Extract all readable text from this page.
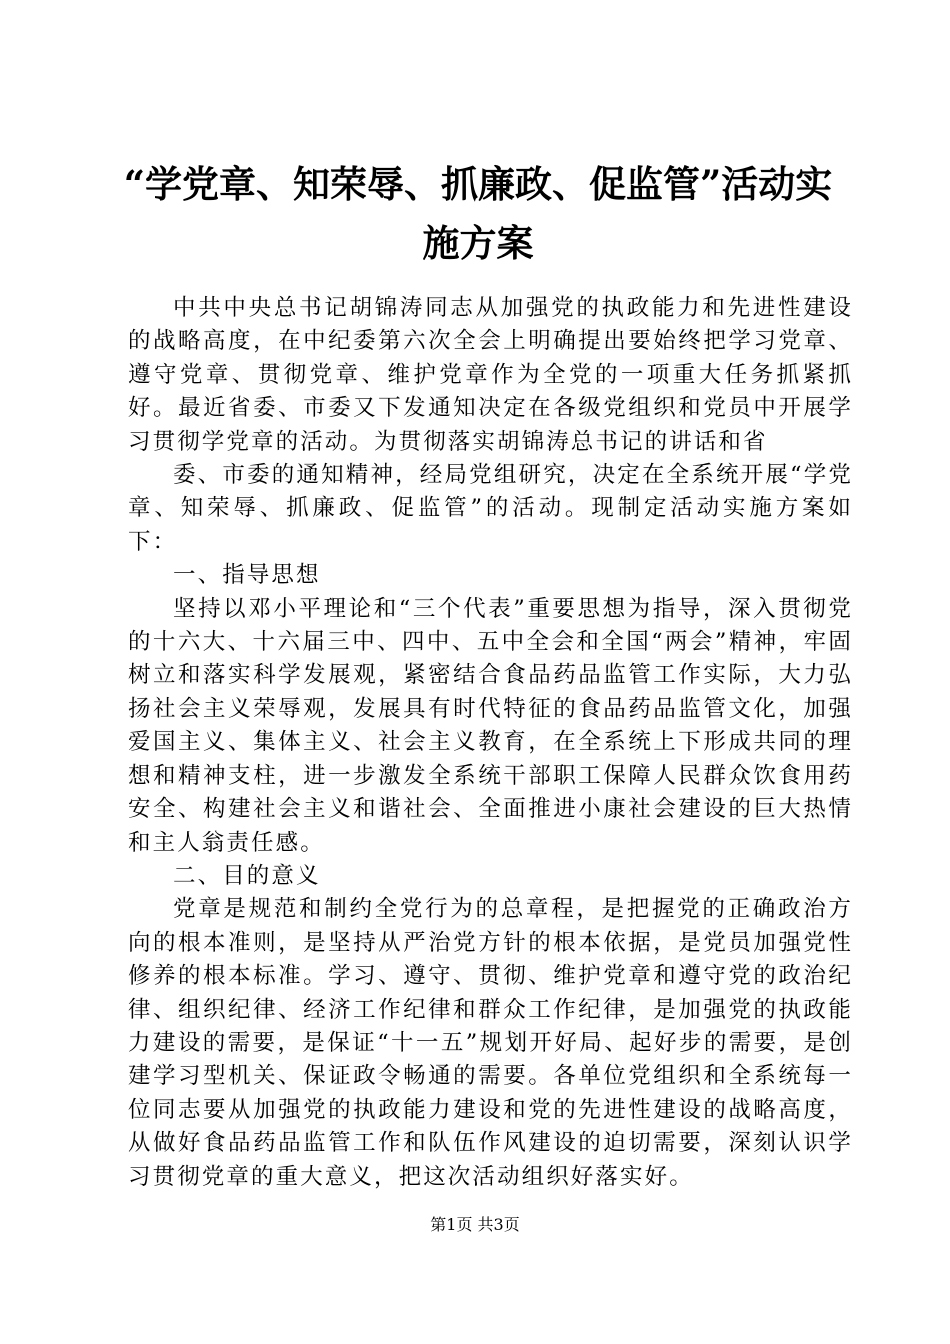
“学党章、知荣辱、抓廉政、促监管”活动实
施方案

中共中央总书记胡锦涛同志从加强党的执政能力和先进性建设的战略高度，在中纪委第六次全会上明确提出要始终把学习党章、遵守党章、贯彻党章、维护党章作为全党的一项重大任务抓紧抓好。最近省委、市委又下发通知决定在各级党组织和党员中开展学习贯彻学党章的活动。为贯彻落实胡锦涛总书记的讲话和省

委、市委的通知精神，经局党组研究，决定在全系统开展“学党章、知荣辱、抓廉政、促监管”的活动。现制定活动实施方案如下：

一、指导思想

坚持以邓小平理论和“三个代表”重要思想为指导，深入贯彻党的十六大、十六届三中、四中、五中全会和全国“两会”精神，牢固树立和落实科学发展观，紧密结合食品药品监管工作实际，大力弘扬社会主义荣辱观，发展具有时代特征的食品药品监管文化，加强爱国主义、集体主义、社会主义教育，在全系统上下形成共同的理想和精神支柱，进一步激发全系统干部职工保障人民群众饮食用药安全、构建社会主义和谐社会、全面推进小康社会建设的巨大热情和主人翁责任感。

二、目的意义

党章是规范和制约全党行为的总章程，是把握党的正确政治方向的根本准则，是坚持从严治党方针的根本依据，是党员加强党性修养的根本标准。学习、遵守、贯彻、维护党章和遵守党的政治纪律、组织纪律、经济工作纪律和群众工作纪律，是加强党的执政能力建设的需要，是保证“十一五”规划开好局、起好步的需要，是创建学习型机关、保证政令畅通的需要。各单位党组织和全系统每一位同志要从加强党的执政能力建设和党的先进性建设的战略高度，从做好食品药品监管工作和队伍作风建设的迫切需要，深刻认识学习贯彻党章的重大意义，把这次活动组织好落实好。

第1页 共3页
